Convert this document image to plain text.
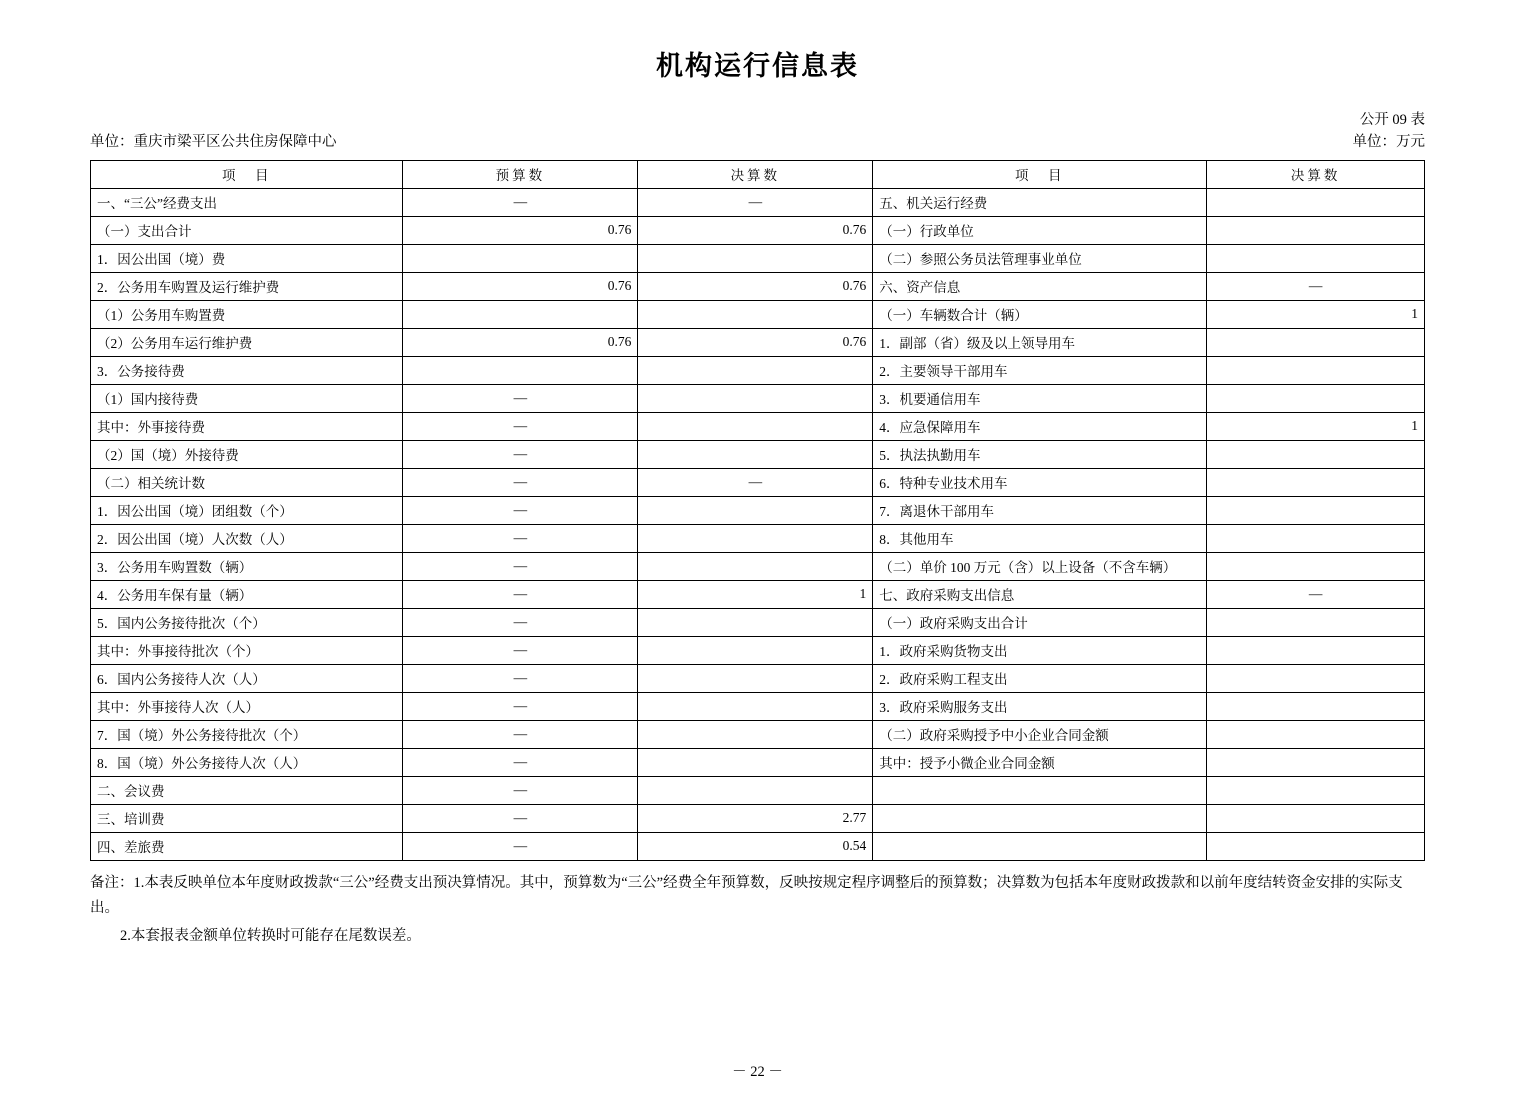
机构运行信息表
单位：重庆市梁平区公共住房保障中心
公开 09 表
单位：万元
项　目	预算数	决算数	项　目	决算数
一、“三公”经费支出	—	—	五、机关运行经费	
（一）支出合计	0.76	0.76	（一）行政单位	
1．因公出国（境）费			（二）参照公务员法管理事业单位	
2．公务用车购置及运行维护费	0.76	0.76	六、资产信息	—
（1）公务用车购置费			（一）车辆数合计（辆）	1
（2）公务用车运行维护费	0.76	0.76	1．副部（省）级及以上领导用车	
3．公务接待费			2．主要领导干部用车	
（1）国内接待费	—		3．机要通信用车	
其中：外事接待费	—		4．应急保障用车	1
（2）国（境）外接待费	—		5．执法执勤用车	
（二）相关统计数	—	—	6．特种专业技术用车	
1．因公出国（境）团组数（个）	—		7．离退休干部用车	
2．因公出国（境）人次数（人）	—		8．其他用车	
3．公务用车购置数（辆）	—		（二）单价 100 万元（含）以上设备（不含车辆）	
4．公务用车保有量（辆）	—	1	七、政府采购支出信息	—
5．国内公务接待批次（个）	—		（一）政府采购支出合计	
其中：外事接待批次（个）	—		1．政府采购货物支出	
6．国内公务接待人次（人）	—		2．政府采购工程支出	
其中：外事接待人次（人）	—		3．政府采购服务支出	
7．国（境）外公务接待批次（个）	—		（二）政府采购授予中小企业合同金额	
8．国（境）外公务接待人次（人）	—		其中：授予小微企业合同金额	
二、会议费	—			
三、培训费	—	2.77		
四、差旅费	—	0.54		

备注：1.本表反映单位本年度财政拨款“三公”经费支出预决算情况。其中，预算数为“三公”经费全年预算数，反映按规定程序调整后的预算数；决算数为包括本年度财政拨款和以前年度结转资金安排的实际支出。

2.本套报表金额单位转换时可能存在尾数误差。

－ 22 －
